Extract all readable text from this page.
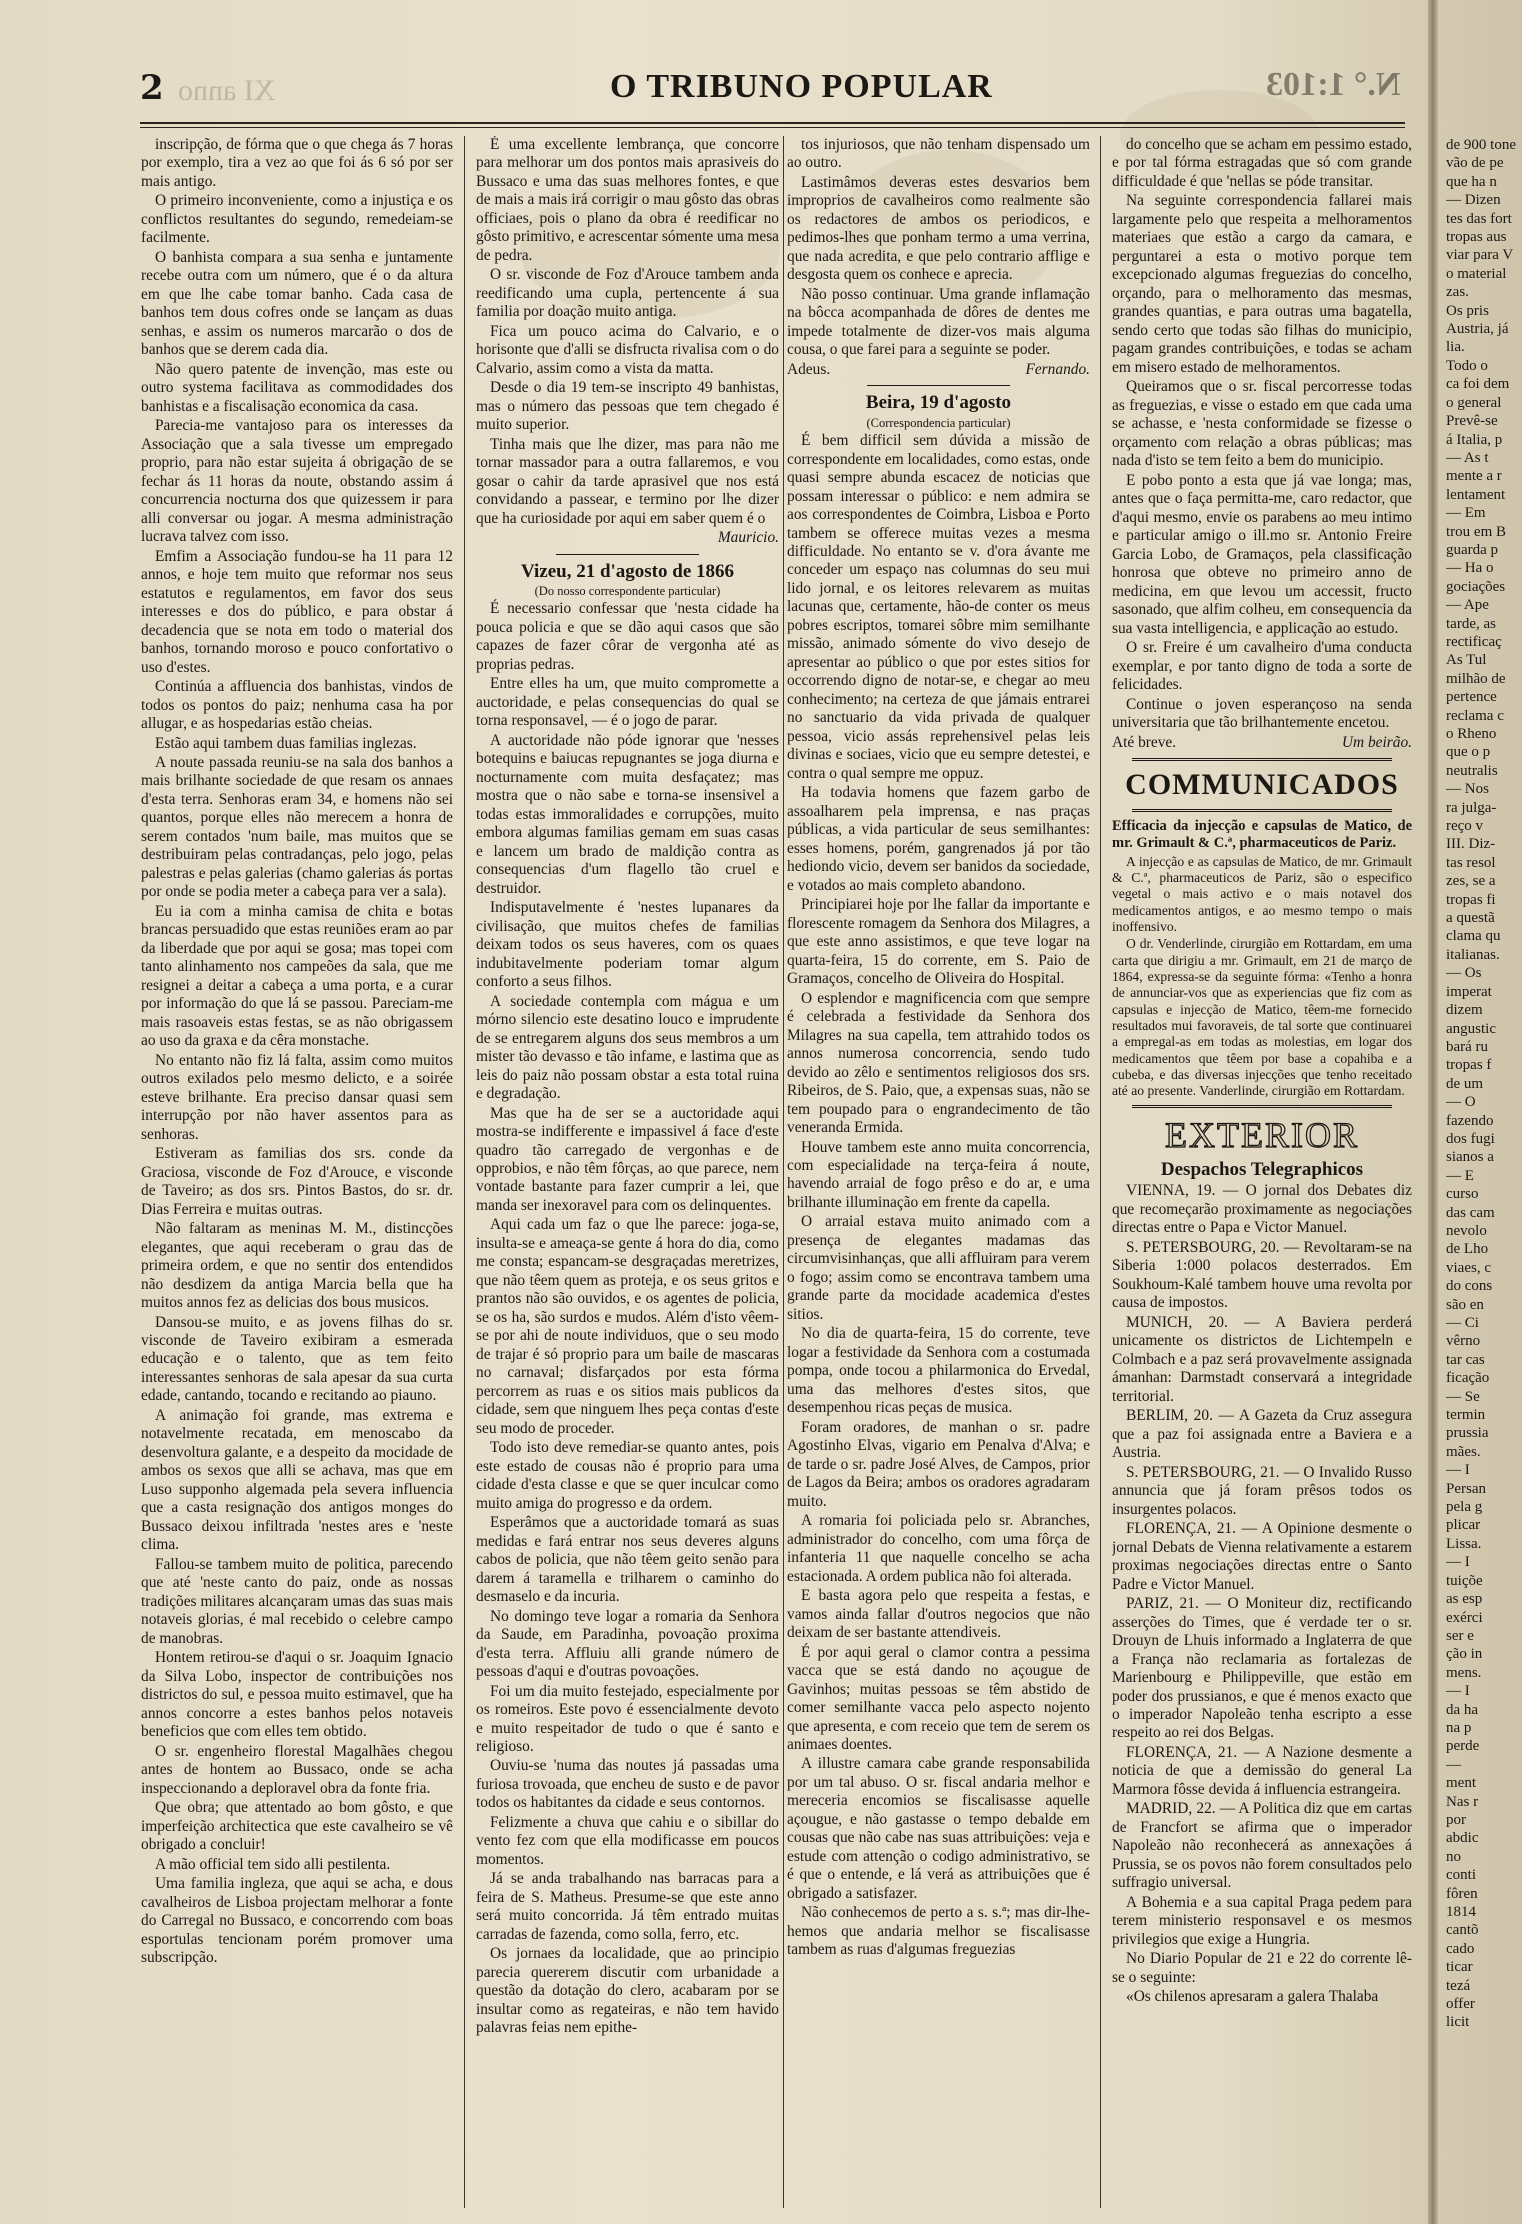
2 XI anno	O TRIBUNO POPULAR	N.° 1:103

inscripção, de fórma que o que chega ás 7 horas por exemplo, tira a vez ao que foi ás 6 só por ser mais antigo.

O primeiro inconveniente, como a injustiça e os conflictos resultantes do segundo, remedeiam-se facilmente.

O banhista compara a sua senha e juntamente recebe outra com um número, que é o da altura em que lhe cabe tomar banho. Cada casa de banhos tem dous cofres onde se lançam as duas senhas, e assim os numeros marcarão o dos de banhos que se derem cada dia.

Não quero patente de invenção, mas este ou outro systema facilitava as commodidades dos banhistas e a fiscalisação economica da casa.

Parecia-me vantajoso para os interesses da Associação que a sala tivesse um empregado proprio, para não estar sujeita á obrigação de se fechar ás 11 horas da noute, obstando assim á concurrencia nocturna dos que quizessem ir para alli conversar ou jogar. A mesma administração lucrava talvez com isso.

Emfim a Associação fundou-se ha 11 para 12 annos, e hoje tem muito que reformar nos seus estatutos e regulamentos, em favor dos seus interesses e dos do público, e para obstar á decadencia que se nota em todo o material dos banhos, tornando moroso e pouco confortativo o uso d'estes.

Continúa a affluencia dos banhistas, vindos de todos os pontos do paiz; nenhuma casa ha por allugar, e as hospedarias estão cheias.

Estão aqui tambem duas familias inglezas.

A noute passada reuniu-se na sala dos banhos a mais brilhante sociedade de que resam os annaes d'esta terra. Senhoras eram 34, e homens não sei quantos, porque elles não merecem a honra de serem contados 'num baile, mas muitos que se destribuiram pelas contradanças, pelo jogo, pelas palestras e pelas galerias (chamo galerias ás portas por onde se podia meter a cabeça para ver a sala).

Eu ia com a minha camisa de chita e botas brancas persuadido que estas reuniões eram ao par da liberdade que por aqui se gosa; mas topei com tanto alinhamento nos campeões da sala, que me resignei a deitar a cabeça a uma porta, e a curar por informação do que lá se passou. Pareciam-me mais rasoaveis estas festas, se as não obrigassem ao uso da graxa e da cêra monstache.

No entanto não fiz lá falta, assim como muitos outros exilados pelo mesmo delicto, e a soirée esteve brilhante. Era preciso dansar quasi sem interrupção por não haver assentos para as senhoras.

Estiveram as familias dos srs. conde da Graciosa, visconde de Foz d'Arouce, e visconde de Taveiro; as dos srs. Pintos Bastos, do sr. dr. Dias Ferreira e muitas outras.

Não faltaram as meninas M. M., distincções elegantes, que aqui receberam o grau das de primeira ordem, e que no sentir dos entendidos não desdizem da antiga Marcia bella que ha muitos annos fez as delicias dos bous musicos.

Dansou-se muito, e as jovens filhas do sr. visconde de Taveiro exibiram a esmerada educação e o talento, que as tem feito interessantes senhoras de sala apesar da sua curta edade, cantando, tocando e recitando ao piauno.

A animação foi grande, mas extrema e notavelmente recatada, em menoscabo da desenvoltura galante, e a despeito da mocidade de ambos os sexos que alli se achava, mas que em Luso supponho algemada pela severa influencia que a casta resignação dos antigos monges do Bussaco deixou infiltrada 'nestes ares e 'neste clima.

Fallou-se tambem muito de politica, parecendo que até 'neste canto do paiz, onde as nossas tradições militares alcançaram umas das suas mais notaveis glorias, é mal recebido o celebre campo de manobras.

Hontem retirou-se d'aqui o sr. Joaquim Ignacio da Silva Lobo, inspector de contribuições nos districtos do sul, e pessoa muito estimavel, que ha annos concorre a estes banhos pelos notaveis beneficios que com elles tem obtido.

O sr. engenheiro florestal Magalhães chegou antes de hontem ao Bussaco, onde se acha inspeccionando a deploravel obra da fonte fria.

Que obra; que attentado ao bom gôsto, e que imperfeição architectica que este cavalheiro se vê obrigado a concluir!

A mão official tem sido alli pestilenta.

Uma familia ingleza, que aqui se acha, e dous cavalheiros de Lisboa projectam melhorar a fonte do Carregal no Bussaco, e concorrendo com boas esportulas tencionam porém promover uma subscripção.

É uma excellente lembrança, que concorre para melhorar um dos pontos mais aprasiveis do Bussaco e uma das suas melhores fontes, e que de mais a mais irá corrigir o mau gôsto das obras officiaes, pois o plano da obra é reedificar no gôsto primitivo, e acrescentar sómente uma mesa de pedra.

O sr. visconde de Foz d'Arouce tambem anda reedificando uma cupla, pertencente á sua familia por doação muito antiga.

Fica um pouco acima do Calvario, e o horisonte que d'alli se disfructa rivalisa com o do Calvario, assim como a vista da matta.

Desde o dia 19 tem-se inscripto 49 banhistas, mas o número das pessoas que tem chegado é muito superior.

Tinha mais que lhe dizer, mas para não me tornar massador para a outra fallaremos, e vou gosar o cahir da tarde aprasivel que nos está convidando a passear, e termino por lhe dizer que ha curiosidade por aqui em saber quem é o

Mauricio.

Vizeu, 21 d'agosto de 1866

(Do nosso correspondente particular)

É necessario confessar que 'nesta cidade ha pouca policia e que se dão aqui casos que são capazes de fazer côrar de vergonha até as proprias pedras.

Entre elles ha um, que muito compromette a auctoridade, e pelas consequencias do qual se torna responsavel, — é o jogo de parar.

A auctoridade não póde ignorar que 'nesses botequins e baiucas repugnantes se joga diurna e nocturnamente com muita desfaçatez; mas mostra que o não sabe e torna-se insensivel a todas estas immoralidades e corrupções, muito embora algumas familias gemam em suas casas e lancem um brado de maldição contra as consequencias d'um flagello tão cruel e destruidor.

Indisputavelmente é 'nestes lupanares da civilisação, que muitos chefes de familias deixam todos os seus haveres, com os quaes indubitavelmente poderiam tomar algum conforto a seus filhos.

A sociedade contempla com mágua e um mórno silencio este desatino louco e imprudente de se entregarem alguns dos seus membros a um mister tão devasso e tão infame, e lastima que as leis do paiz não possam obstar a esta total ruina e degradação.

Mas que ha de ser se a auctoridade aqui mostra-se indifferente e impassivel á face d'este quadro tão carregado de vergonhas e de opprobios, e não têm fôrças, ao que parece, nem vontade bastante para fazer cumprir a lei, que manda ser inexoravel para com os delinquentes.

Aqui cada um faz o que lhe parece: joga-se, insulta-se e ameaça-se gente á hora do dia, como me consta; espancam-se desgraçadas meretrizes, que não têem quem as proteja, e os seus gritos e prantos não são ouvidos, e os agentes de policia, se os ha, são surdos e mudos. Além d'isto vêem-se por ahi de noute individuos, que o seu modo de trajar é só proprio para um baile de mascaras no carnaval; disfarçados por esta fórma percorrem as ruas e os sitios mais publicos da cidade, sem que ninguem lhes peça contas d'este seu modo de proceder.

Todo isto deve remediar-se quanto antes, pois este estado de cousas não é proprio para uma cidade d'esta classe e que se quer inculcar como muito amiga do progresso e da ordem.

Esperâmos que a auctoridade tomará as suas medidas e fará entrar nos seus deveres alguns cabos de policia, que não têem geito senão para darem á taramella e trilharem o caminho do desmaselo e da incuria.

No domingo teve logar a romaria da Senhora da Saude, em Paradinha, povoação proxima d'esta terra. Affluiu alli grande número de pessoas d'aqui e d'outras povoações.

Foi um dia muito festejado, especialmente por os romeiros. Este povo é essencialmente devoto e muito respeitador de tudo o que é santo e religioso.

Ouviu-se 'numa das noutes já passadas uma furiosa trovoada, que encheu de susto e de pavor todos os habitantes da cidade e seus contornos.

Felizmente a chuva que cahiu e o sibillar do vento fez com que ella modificasse em poucos momentos.

Já se anda trabalhando nas barracas para a feira de S. Matheus. Presume-se que este anno será muito concorrida. Já têm entrado muitas carradas de fazenda, como solla, ferro, etc.

Os jornaes da localidade, que ao principio parecia quererem discutir com urbanidade a questão da dotação do clero, acabaram por se insultar como as regateiras, e não tem havido palavras feias nem epithe-

tos injuriosos, que não tenham dispensado um ao outro.

Lastimâmos deveras estes desvarios bem improprios de cavalheiros como realmente são os redactores de ambos os periodicos, e pedimos-lhes que ponham termo a uma verrina, que nada acredita, e que pelo contrario afflige e desgosta quem os conhece e aprecia.

Não posso continuar. Uma grande inflamação na bôcca acompanhada de dôres de dentes me impede totalmente de dizer-vos mais alguma cousa, o que farei para a seguinte se poder.

Adeus.	Fernando.

Beira, 19 d'agosto

(Correspondencia particular)

É bem difficil sem dúvida a missão de correspondente em localidades, como estas, onde quasi sempre abunda escacez de noticias que possam interessar o público: e nem admira se aos correspondentes de Coimbra, Lisboa e Porto tambem se offerece muitas vezes a mesma difficuldade. No entanto se v. d'ora ávante me conceder um espaço nas columnas do seu mui lido jornal, e os leitores relevarem as muitas lacunas que, certamente, hão-de conter os meus pobres escriptos, tomarei sôbre mim semilhante missão, animado sómente do vivo desejo de apresentar ao público o que por estes sitios for occorrendo digno de notar-se, e chegar ao meu conhecimento; na certeza de que jámais entrarei no sanctuario da vida privada de qualquer pessoa, vicio assás reprehensivel pelas leis divinas e sociaes, vicio que eu sempre detestei, e contra o qual sempre me oppuz.

Ha todavia homens que fazem garbo de assoalharem pela imprensa, e nas praças públicas, a vida particular de seus semilhantes: esses homens, porém, gangrenados já por tão hediondo vicio, devem ser banidos da sociedade, e votados ao mais completo abandono.

Principiarei hoje por lhe fallar da importante e florescente romagem da Senhora dos Milagres, a que este anno assistimos, e que teve logar na quarta-feira, 15 do corrente, em S. Paio de Gramaços, concelho de Oliveira do Hospital.

O esplendor e magnificencia com que sempre é celebrada a festividade da Senhora dos Milagres na sua capella, tem attrahido todos os annos numerosa concorrencia, sendo tudo devido ao zêlo e sentimentos religiosos dos srs. Ribeiros, de S. Paio, que, a expensas suas, não se tem poupado para o engrandecimento de tão veneranda Ermida.

Houve tambem este anno muita concorrencia, com especialidade na terça-feira á noute, havendo arraial de fogo prêso e do ar, e uma brilhante illuminação em frente da capella.

O arraial estava muito animado com a presença de elegantes madamas das circumvisinhanças, que alli affluiram para verem o fogo; assim como se encontrava tambem uma grande parte da mocidade academica d'estes sitios.

No dia de quarta-feira, 15 do corrente, teve logar a festividade da Senhora com a costumada pompa, onde tocou a philarmonica do Ervedal, uma das melhores d'estes sitos, que desempenhou ricas peças de musica.

Foram oradores, de manhan o sr. padre Agostinho Elvas, vigario em Penalva d'Alva; e de tarde o sr. padre José Alves, de Campos, prior de Lagos da Beira; ambos os oradores agradaram muito.

A romaria foi policiada pelo sr. Abranches, administrador do concelho, com uma fôrça de infanteria 11 que naquelle concelho se acha estacionada. A ordem publica não foi alterada.

E basta agora pelo que respeita a festas, e vamos ainda fallar d'outros negocios que não deixam de ser bastante attendiveis.

É por aqui geral o clamor contra a pessima vacca que se está dando no açougue de Gavinhos; muitas pessoas se têm abstido de comer semilhante vacca pelo aspecto nojento que apresenta, e com receio que tem de serem os animaes doentes.

A illustre camara cabe grande responsabilida por um tal abuso. O sr. fiscal andaria melhor e mereceria encomios se fiscalisasse aquelle açougue, e não gastasse o tempo debalde em cousas que não cabe nas suas attribuições: veja e estude com attenção o codigo administrativo, se é que o entende, e lá verá as attribuições que é obrigado a satisfazer.

Não conhecemos de perto a s. s.ª; mas dir-lhe-hemos que andaria melhor se fiscalisasse tambem as ruas d'algumas freguezias

do concelho que se acham em pessimo estado, e por tal fórma estragadas que só com grande difficuldade é que 'nellas se póde transitar.

Na seguinte correspondencia fallarei mais largamente pelo que respeita a melhoramentos materiaes que estão a cargo da camara, e perguntarei a esta o motivo porque tem excepcionado algumas freguezias do concelho, orçando, para o melhoramento das mesmas, grandes quantias, e para outras uma bagatella, sendo certo que todas são filhas do municipio, pagam grandes contribuições, e todas se acham em misero estado de melhoramentos.

Queiramos que o sr. fiscal percorresse todas as freguezias, e visse o estado em que cada uma se achasse, e 'nesta conformidade se fizesse o orçamento com relação a obras públicas; mas nada d'isto se tem feito a bem do municipio.

E pobo ponto a esta que já vae longa; mas, antes que o faça permitta-me, caro redactor, que d'aqui mesmo, envie os parabens ao meu intimo e particular amigo o ill.mo sr. Antonio Freire Garcia Lobo, de Gramaços, pela classificação honrosa que obteve no primeiro anno de medicina, em que levou um accessit, fructo sasonado, que alfim colheu, em consequencia da sua vasta intelligencia, e applicação ao estudo.

O sr. Freire é um cavalheiro d'uma conducta exemplar, e por tanto digno de toda a sorte de felicidades.

Continue o joven esperançoso na senda universitaria que tão brilhantemente encetou.

Até breve.	Um beirão.

COMMUNICADOS

Efficacia da injecção e capsulas de Matico, de mr. Grimault & C.ª, pharmaceuticos de Pariz.

A injecção e as capsulas de Matico, de mr. Grimault & C.ª, pharmaceuticos de Pariz, são o especifico vegetal o mais activo e o mais notavel dos medicamentos antigos, e ao mesmo tempo o mais inoffensivo.

O dr. Venderlinde, cirurgião em Rottardam, em uma carta que dirigiu a mr. Grimault, em 21 de março de 1864, expressa-se da seguinte fórma: «Tenho a honra de annunciar-vos que as experiencias que fiz com as capsulas e injecção de Matico, têem-me fornecido resultados mui favoraveis, de tal sorte que continuarei a empregal-as em todas as molestias, em logar dos medicamentos que têem por base a copahiba e a cubeba, e das diversas injecções que tenho receitado até ao presente. Vanderlinde, cirurgião em Rottardam.

EXTERIOR

Despachos Telegraphicos

VIENNA, 19. — O jornal dos Debates diz que recomeçarão proximamente as negociações directas entre o Papa e Victor Manuel.

S. PETERSBOURG, 20. — Revoltaram-se na Siberia 1:000 polacos desterrados. Em Soukhoum-Kalé tambem houve uma revolta por causa de impostos.

MUNICH, 20. — A Baviera perderá unicamente os districtos de Lichtempeln e Colmbach e a paz será provavelmente assignada ámanhan: Darmstadt conservará a integridade territorial.

BERLIM, 20. — A Gazeta da Cruz assegura que a paz foi assignada entre a Baviera e a Austria.

S. PETERSBOURG, 21. — O Invalido Russo annuncia que já foram prêsos todos os insurgentes polacos.

FLORENÇA, 21. — A Opinione desmente o jornal Debats de Vienna relativamente a estarem proximas negociações directas entre o Santo Padre e Victor Manuel.

PARIZ, 21. — O Moniteur diz, rectificando asserções do Times, que é verdade ter o sr. Drouyn de Lhuis informado a Inglaterra de que a França não reclamaria as fortalezas de Marienbourg e Philippeville, que estão em poder dos prussianos, e que é menos exacto que o imperador Napoleão tenha escripto a esse respeito ao rei dos Belgas.

FLORENÇA, 21. — A Nazione desmente a noticia de que a demissão do general La Marmora fôsse devida á influencia estrangeira.

MADRID, 22. — A Politica diz que em cartas de Francfort se afirma que o imperador Napoleão não reconhecerá as annexações á Prussia, se os povos não forem consultados pelo suffragio universal.

A Bohemia e a sua capital Praga pedem para terem ministerio responsavel e os mesmos privilegios que exige a Hungria.

No Diario Popular de 21 e 22 do corrente lê-se o seguinte:

«Os chilenos apresaram a galera Thalaba

de 900 tone
vão de pe
que ha n
— Dizen
tes das fort
tropas aus
viar para V
o material
zas.
Os pris
Austria, já
lia.
Todo o
ca foi dem
o general
Prevê-se
á Italia, p
— As t
mente a r
lentament
— Em
trou em B
guarda p
— Ha o
gociações
— Ape
tarde, as
rectificaç
As Tul
milhão de
pertence
reclama c
o Rheno
que o p
neutralis
— Nos
ra julga-
reço v
III. Diz-
tas resol
zes, se a
tropas fi
a questã
clama qu
italianas.
— Os
imperat
dizem
angustic
bará ru
tropas f
de um
— O
fazendo
dos fugi
sianos a
— E
curso
das cam
nevolo
de Lho
viaes, c
do cons
são en
— Ci
vêrno
tar cas
ficação
— Se
termin
prussia
mães.
— I
Persan
pela g
plicar
Lissa.
— I
tuiçõe
as esp
exérci
ser e
ção in
mens.
— I
da ha
na p
perde
—
ment
Nas r
por
abdic
no
conti
fôren
1814
cantõ
cado
ticar
tezá
offer
licit
